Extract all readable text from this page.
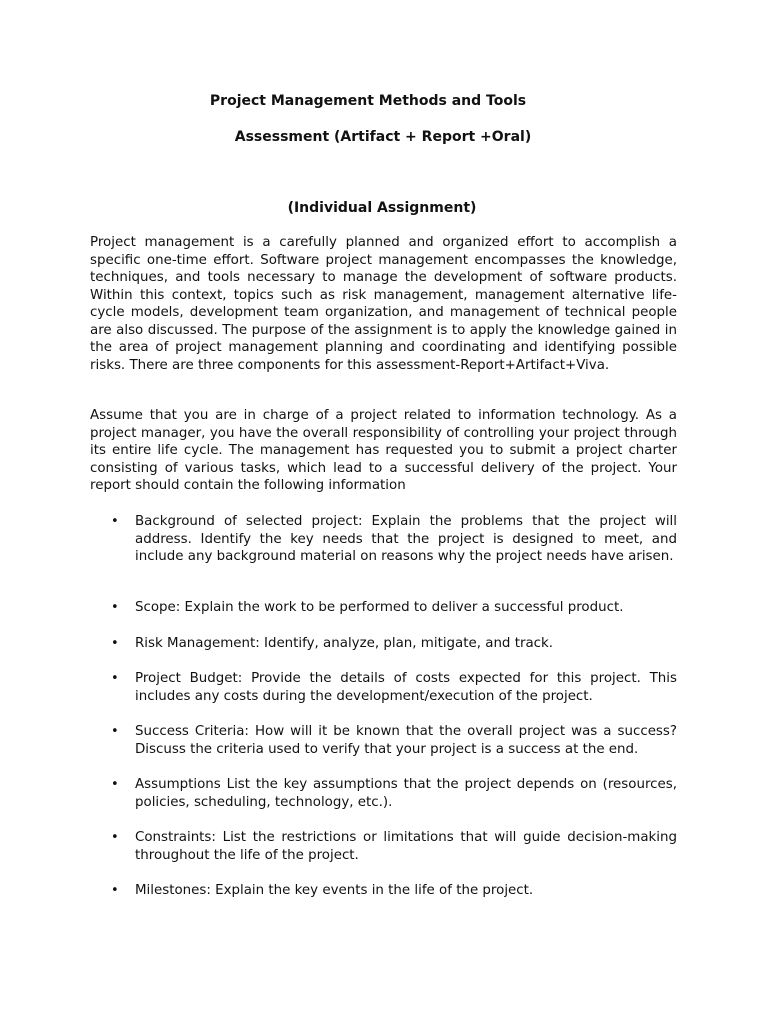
Project Management Methods and Tools
Assessment (Artifact + Report +Oral)
(Individual Assignment)

Project management is a carefully planned and organized effort to accomplish a specific one-time effort. Software project management encompasses the knowledge, techniques, and tools necessary to manage the development of software products. Within this context, topics such as risk management, management alternative life-cycle models, development team organization, and management of technical people are also discussed. The purpose of the assignment is to apply the knowledge gained in the area of project management planning and coordinating and identifying possible risks. There are three components for this assessment-Report+Artifact+Viva.

Assume that you are in charge of a project related to information technology. As a project manager, you have the overall responsibility of controlling your project through its entire life cycle. The management has requested you to submit a project charter consisting of various tasks, which lead to a successful delivery of the project. Your report should contain the following information

•	Background of selected project: Explain the problems that the project will address. Identify the key needs that the project is designed to meet, and include any background material on reasons why the project needs have arisen.
•	Scope: Explain the work to be performed to deliver a successful product.
•	Risk Management: Identify, analyze, plan, mitigate, and track.
•	Project Budget: Provide the details of costs expected for this project. This includes any costs during the development/execution of the project.
•	Success Criteria: How will it be known that the overall project was a success? Discuss the criteria used to verify that your project is a success at the end.
•	Assumptions List the key assumptions that the project depends on (resources, policies, scheduling, technology, etc.).
•	Constraints: List the restrictions or limitations that will guide decision-making throughout the life of the project.
•	Milestones: Explain the key events in the life of the project.
